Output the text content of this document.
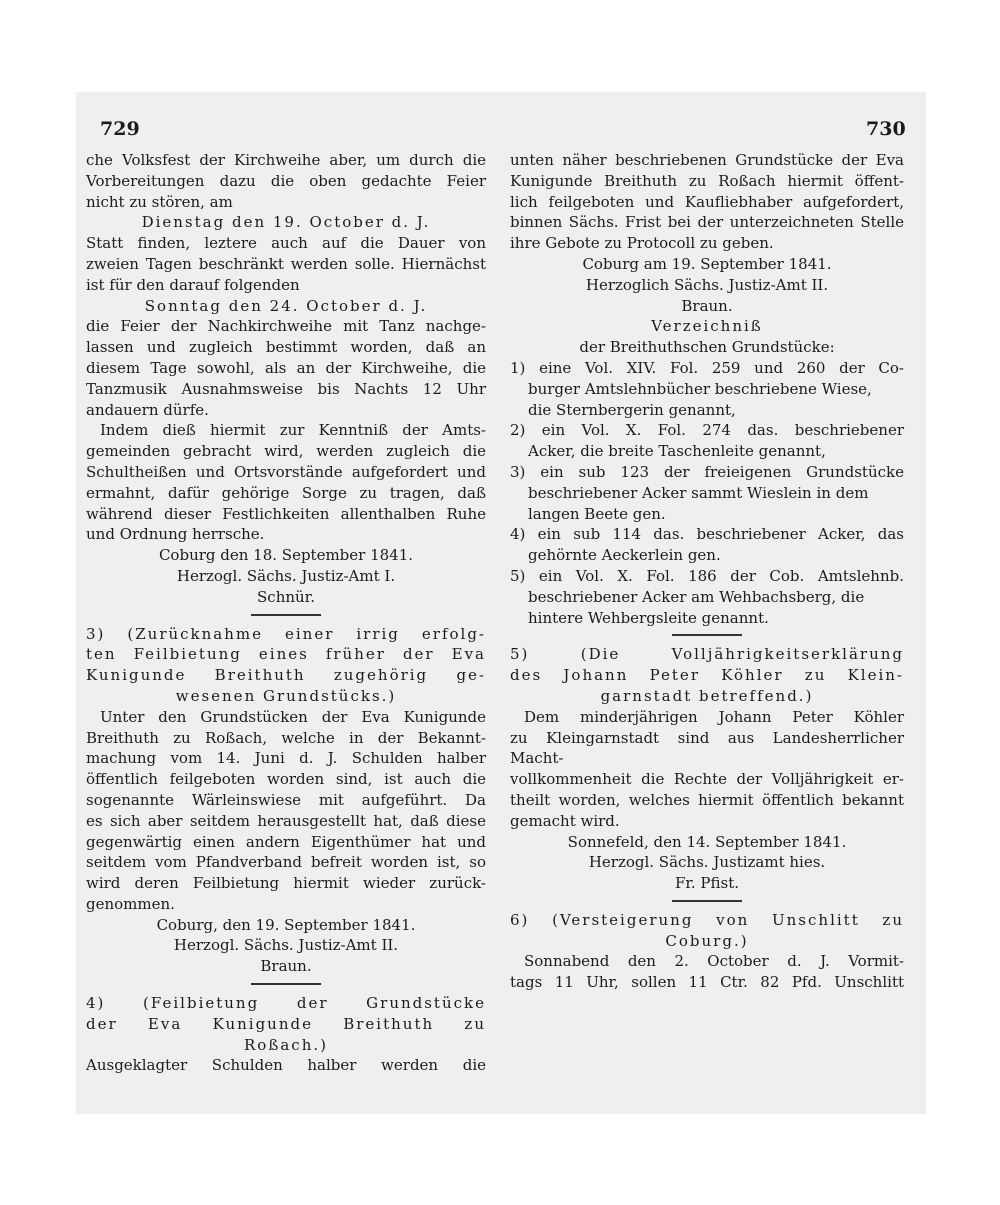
729	730

che Volksfest der Kirchweihe aber, um durch die

Vorbereitungen dazu die oben gedachte Feier

nicht zu stören, am

Dienstag den 19. October d. J.

Statt finden, leztere auch auf die Dauer von

zweien Tagen beschränkt werden solle. Hiernächst

ist für den darauf folgenden

Sonntag den 24. October d. J.

die Feier der Nachkirchweihe mit Tanz nachge-

lassen und zugleich bestimmt worden, daß an

diesem Tage sowohl, als an der Kirchweihe, die

Tanzmusik Ausnahmsweise bis Nachts 12 Uhr

andauern dürfe.

Indem dieß hiermit zur Kenntniß der Amts-

gemeinden gebracht wird, werden zugleich die

Schultheißen und Ortsvorstände aufgefordert und

ermahnt, dafür gehörige Sorge zu tragen, daß

während dieser Festlichkeiten allenthalben Ruhe

und Ordnung herrsche.

Coburg den 18. September 1841.

Herzogl. Sächs. Justiz-Amt I.

Schnür.

3) (Zurücknahme einer irrig erfolg-

ten Feilbietung eines früher der Eva

Kunigunde Breithuth zugehörig ge-

wesenen Grundstücks.)

Unter den Grundstücken der Eva Kunigunde

Breithuth zu Roßach, welche in der Bekannt-

machung vom 14. Juni d. J. Schulden halber

öffentlich feilgeboten worden sind, ist auch die

sogenannte Wärleinswiese mit aufgeführt. Da

es sich aber seitdem herausgestellt hat, daß diese

gegenwärtig einen andern Eigenthümer hat und

seitdem vom Pfandverband befreit worden ist, so

wird deren Feilbietung hiermit wieder zurück-

genommen.

Coburg, den 19. September 1841.

Herzogl. Sächs. Justiz-Amt II.

Braun.

4) (Feilbietung der Grundstücke

der Eva Kunigunde Breithuth zu

Roßach.)

Ausgeklagter Schulden halber werden die

unten näher beschriebenen Grundstücke der Eva

Kunigunde Breithuth zu Roßach hiermit öffent-

lich feilgeboten und Kauflieb​haber aufgefordert,

binnen Sächs. Frist bei der unterzeichneten Stelle

ihre Gebote zu Protocoll zu geben.

Coburg am 19. September 1841.

Herzoglich Sächs. Justiz-Amt II.

Braun.

Verzeichniß

der Breithuthschen Grundstücke:

1) eine Vol. XIV. Fol. 259 und 260 der Co-

burger Amtslehnbücher beschriebene Wiese,

die Sternbergerin genannt,

2) ein Vol. X. Fol. 274 das. beschriebener

Acker, die breite Taschenleite genannt,

3) ein sub 123 der freieigenen Grundstücke

beschriebener Acker sammt Wieslein in dem

langen Beete gen.

4) ein sub 114 das. beschriebener Acker, das

gehörnte Aeckerlein gen.

5) ein Vol. X. Fol. 186 der Cob. Amtslehnb.

beschriebener Acker am Wehbachsberg, die

hintere Wehbergsleite genannt.

5) (Die Volljährigkeitserklärung

des Johann Peter Köhler zu Klein-

garnstadt betreffend.)

Dem minderjährigen Johann Peter Köhler

zu Kleingarnstadt sind aus Landesherrlicher Macht-

vollkommenheit die Rechte der Volljährigkeit er-

theilt worden, welches hiermit öffentlich bekannt

gemacht wird.

Sonnefeld, den 14. September 1841.

Herzogl. Sächs. Justizamt hies.

Fr. Pfist.

6) (Versteigerung von Unschlitt zu

Coburg.)

Sonnabend den 2. October d. J. Vormit-

tags 11 Uhr, sollen 11 Ctr. 82 Pfd. Unschlitt
